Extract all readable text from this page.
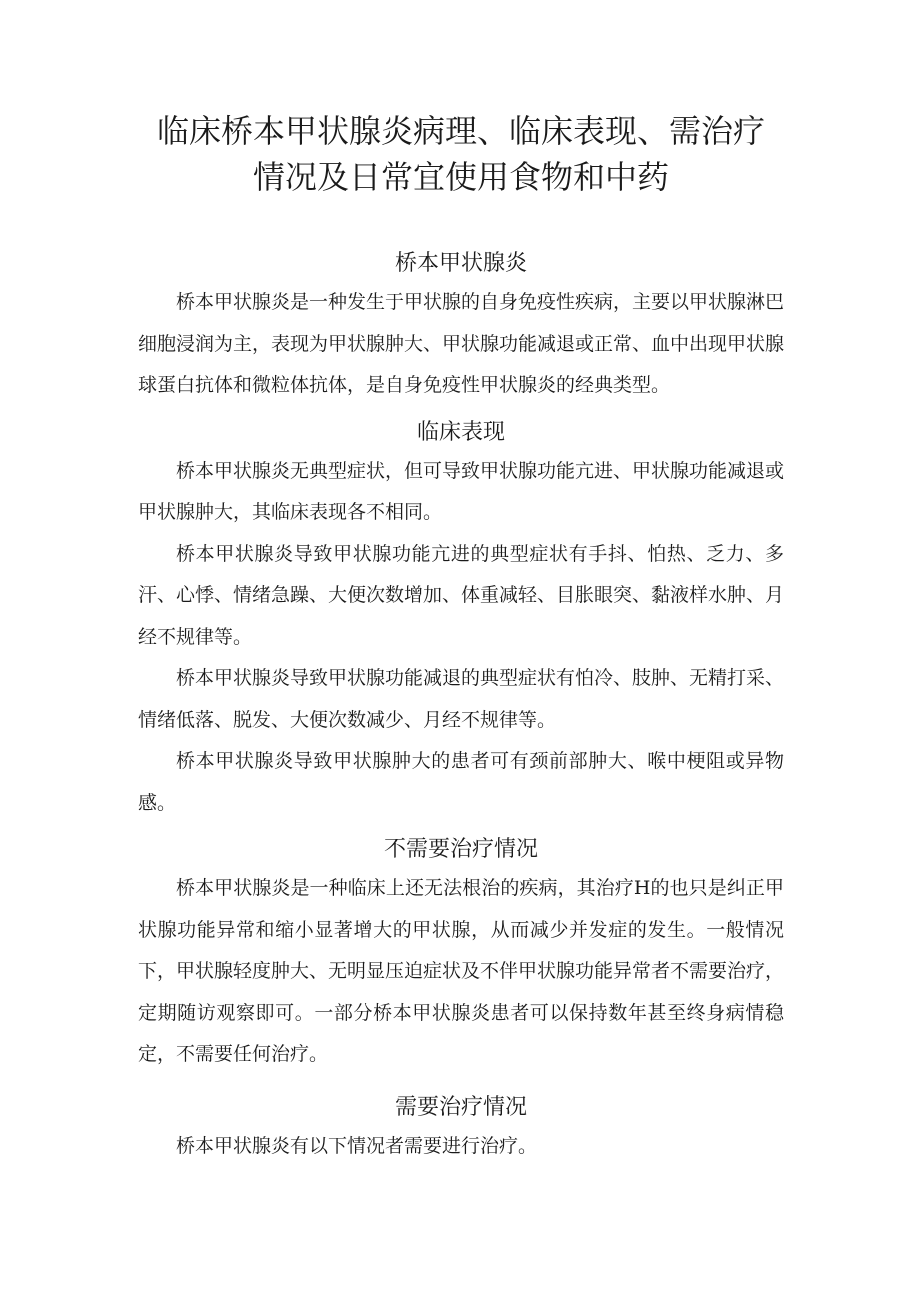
临床桥本甲状腺炎病理、临床表现、需治疗
情况及日常宜使用食物和中药
桥本甲状腺炎

桥本甲状腺炎是一种发生于甲状腺的自身免疫性疾病，主要以甲状腺淋巴细胞浸润为主，表现为甲状腺肿大、甲状腺功能减退或正常、血中出现甲状腺球蛋白抗体和微粒体抗体，是自身免疫性甲状腺炎的经典类型。

临床表现

桥本甲状腺炎无典型症状，但可导致甲状腺功能亢进、甲状腺功能减退或甲状腺肿大，其临床表现各不相同。

桥本甲状腺炎导致甲状腺功能亢进的典型症状有手抖、怕热、乏力、多汗、心悸、情绪急躁、大便次数增加、体重减轻、目胀眼突、黏液样水肿、月经不规律等。

桥本甲状腺炎导致甲状腺功能减退的典型症状有怕冷、肢肿、无精打采、情绪低落、脱发、大便次数减少、月经不规律等。

桥本甲状腺炎导致甲状腺肿大的患者可有颈前部肿大、喉中梗阻或异物感。

不需要治疗情况

桥本甲状腺炎是一种临床上还无法根治的疾病，其治疗H的也只是纠正甲状腺功能异常和缩小显著增大的甲状腺，从而减少并发症的发生。一般情况下，甲状腺轻度肿大、无明显压迫症状及不伴甲状腺功能异常者不需要治疗，定期随访观察即可。一部分桥本甲状腺炎患者可以保持数年甚至终身病情稳定，不需要任何治疗。

需要治疗情况

桥本甲状腺炎有以下情况者需要进行治疗。
